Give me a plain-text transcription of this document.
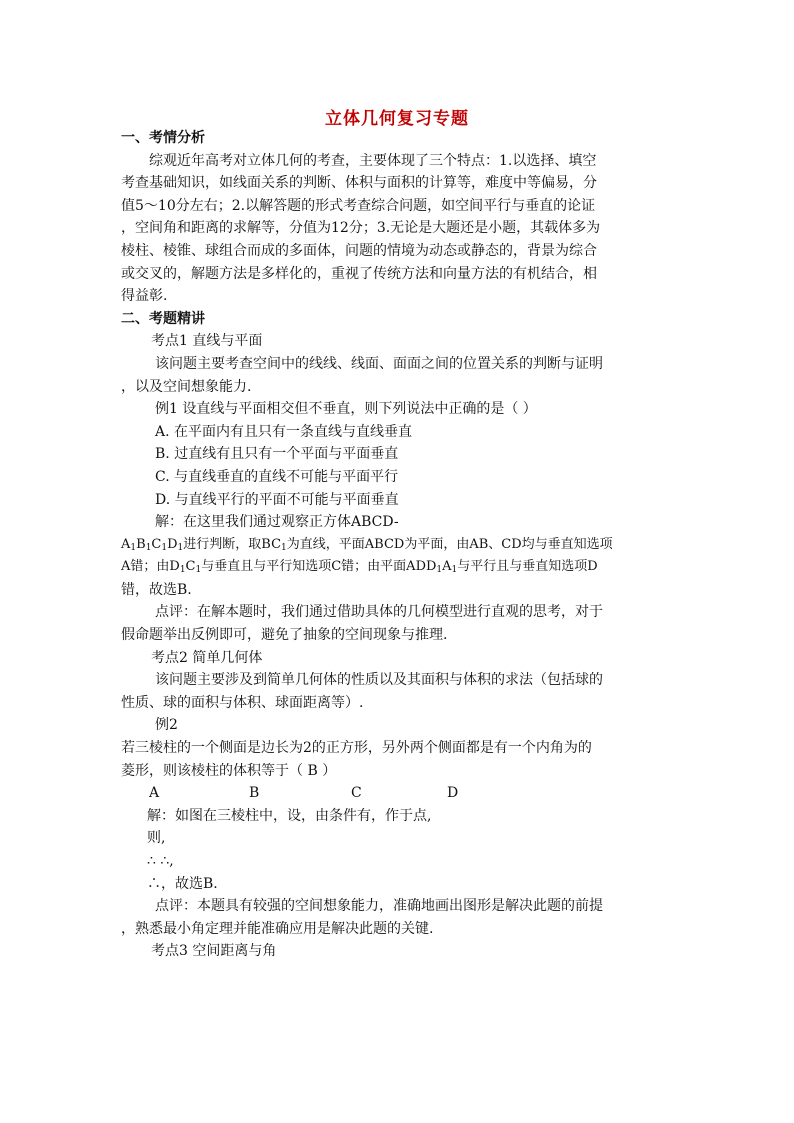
立体几何复习专题
一、考情分析
综观近年高考对立体几何的考查，主要体现了三个特点：1.以选择、填空
考查基础知识，如线面关系的判断、体积与面积的计算等，难度中等偏易，分
值5～10分左右；2.以解答题的形式考查综合问题，如空间平行与垂直的论证
，空间角和距离的求解等，分值为12分；3.无论是大题还是小题，其载体多为
棱柱、棱锥、球组合而成的多面体，问题的情境为动态或静态的，背景为综合
或交叉的，解题方法是多样化的，重视了传统方法和向量方法的有机结合，相
得益彰.
二、考题精讲
考点1 直线与平面
该问题主要考查空间中的线线、线面、面面之间的位置关系的判断与证明
，以及空间想象能力.
例1 设直线与平面相交但不垂直，则下列说法中正确的是（ ）
A. 在平面内有且只有一条直线与直线垂直
B. 过直线有且只有一个平面与平面垂直
C. 与直线垂直的直线不可能与平面平行
D. 与直线平行的平面不可能与平面垂直
解：在这里我们通过观察正方体ABCD-
$A_1B_1C_1D_1$进行判断，取$BC_1$为直线，平面ABCD为平面，由AB、CD均与垂直知选项
A错；由$D_1C_1$与垂直且与平行知选项C错；由平面$ADD_1A_1$与平行且与垂直知选项D
错，故选B.
点评：在解本题时，我们通过借助具体的几何模型进行直观的思考，对于
假命题举出反例即可，避免了抽象的空间现象与推理.
考点2 简单几何体
该问题主要涉及到简单几何体的性质以及其面积与体积的求法（包括球的
性质、球的面积与体积、球面距离等）.
例2
若三棱柱的一个侧面是边长为2的正方形，另外两个侧面都是有一个内角为的
菱形，则该棱柱的体积等于（ B ）
A	B	C	D
解：如图在三棱柱中，设，由条件有，作于点,
则,
∴ ∴,
∴，故选B.
点评：本题具有较强的空间想象能力，准确地画出图形是解决此题的前提
，熟悉最小角定理并能准确应用是解决此题的关键.
考点3 空间距离与角
